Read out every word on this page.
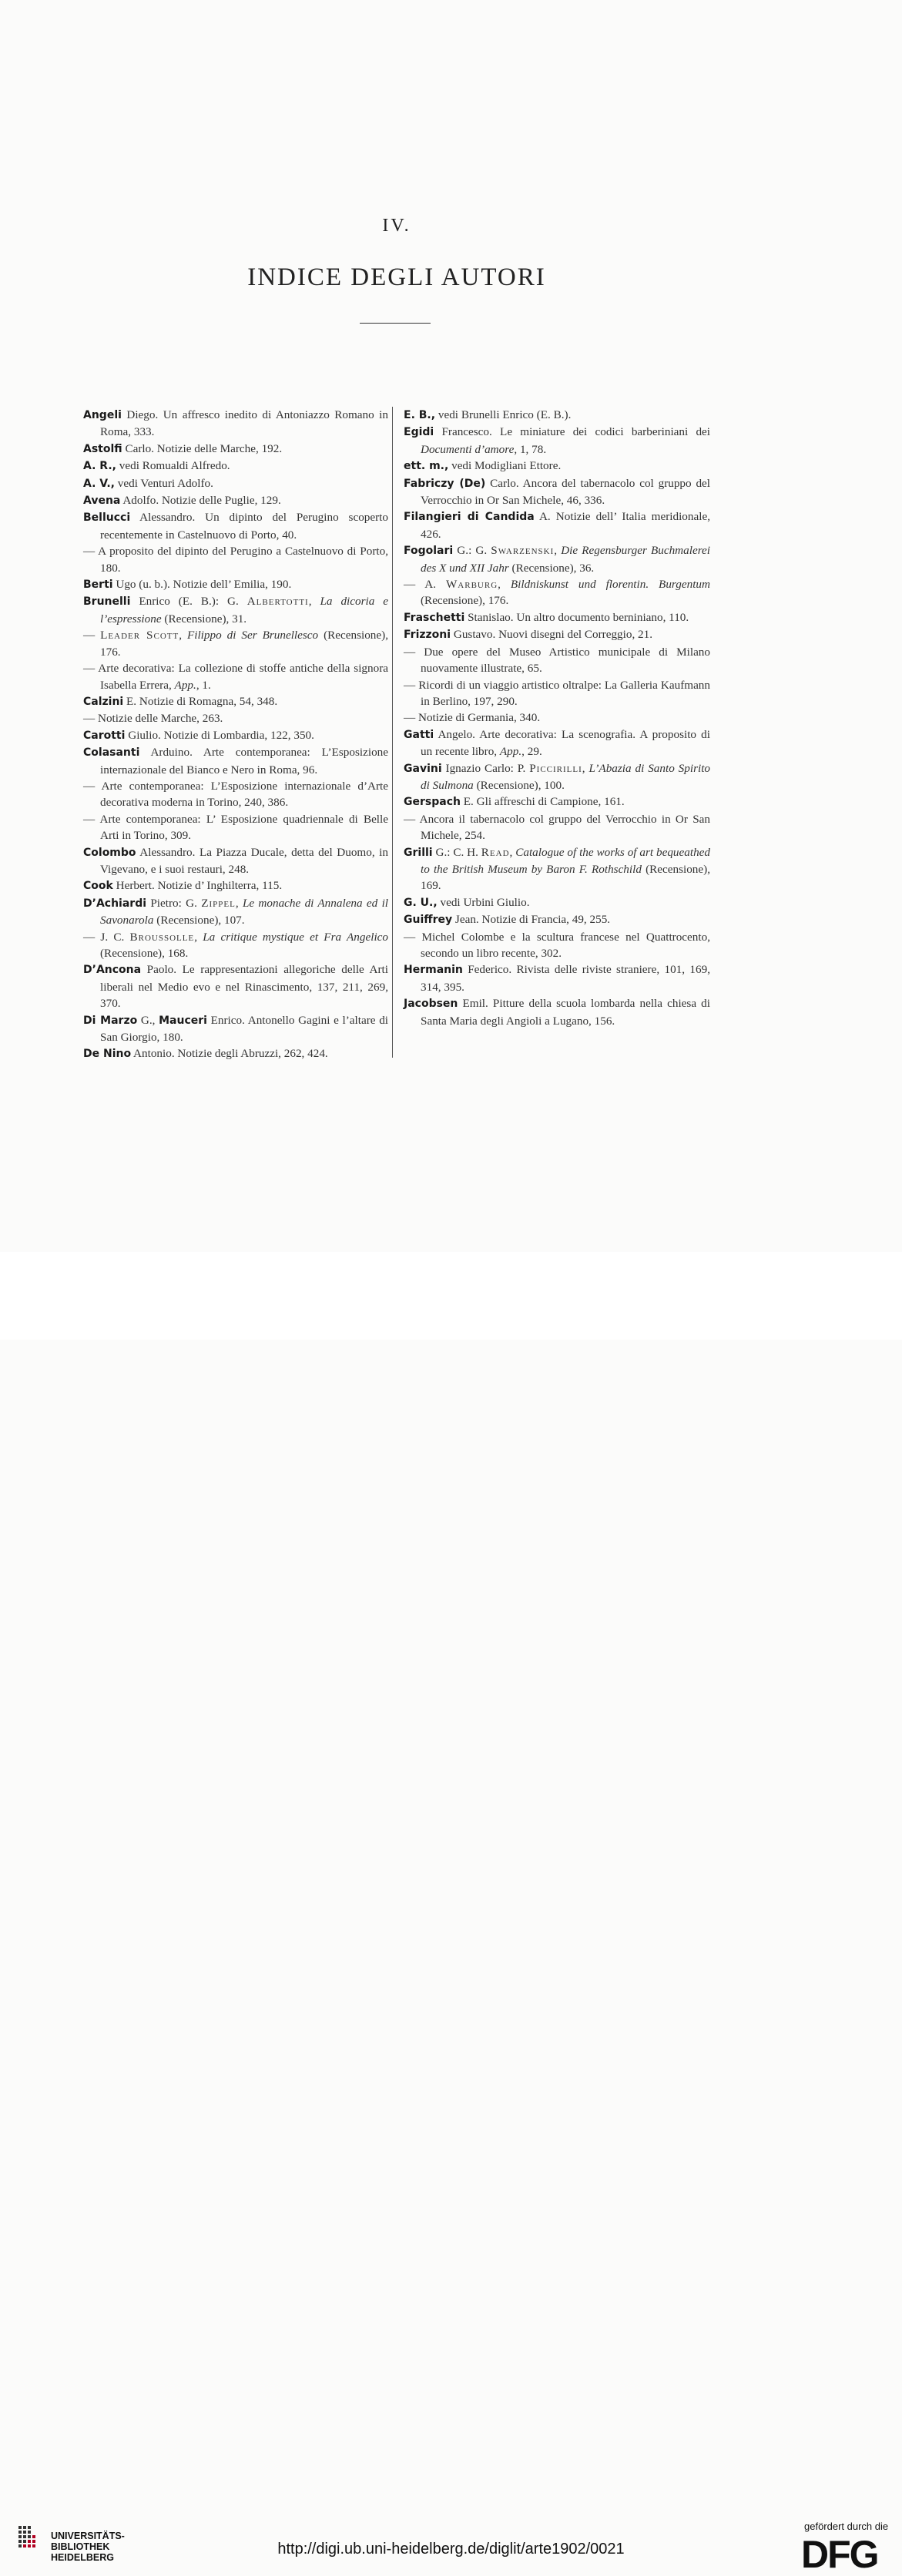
IV.
INDICE DEGLI AUTORI

Angeli Diego. Un affresco inedito di Antoniazzo Romano in Roma, 333.

Astolfi Carlo. Notizie delle Marche, 192.

A. R., vedi Romualdi Alfredo.

A. V., vedi Venturi Adolfo.

Avena Adolfo. Notizie delle Puglie, 129.

Bellucci Alessandro. Un dipinto del Perugino scoperto recentemente in Castelnuovo di Porto, 40.

— A proposito del dipinto del Perugino a Castelnuovo di Porto, 180.

Berti Ugo (u. b.). Notizie dell’ Emilia, 190.

Brunelli Enrico (E. B.): G. Albertotti, La dicoria e l’espressione (Recensione), 31.

— Leader Scott, Filippo di Ser Brunellesco (Recensione), 176.

— Arte decorativa: La collezione di stoffe antiche della signora Isabella Errera, App., 1.

Calzini E. Notizie di Romagna, 54, 348.

— Notizie delle Marche, 263.

Carotti Giulio. Notizie di Lombardia, 122, 350.

Colasanti Arduino. Arte contemporanea: L’Esposizione internazionale del Bianco e Nero in Roma, 96.

— Arte contemporanea: L’Esposizione internazionale d’Arte decorativa moderna in Torino, 240, 386.

— Arte contemporanea: L’ Esposizione quadriennale di Belle Arti in Torino, 309.

Colombo Alessandro. La Piazza Ducale, detta del Duomo, in Vigevano, e i suoi restauri, 248.

Cook Herbert. Notizie d’ Inghilterra, 115.

D’Achiardi Pietro: G. Zippel, Le monache di Annalena ed il Savonarola (Recensione), 107.

— J. C. Broussolle, La critique mystique et Fra Angelico (Recensione), 168.

D’Ancona Paolo. Le rappresentazioni allegoriche delle Arti liberali nel Medio evo e nel Rinascimento, 137, 211, 269, 370.

Di Marzo G., Mauceri Enrico. Antonello Gagini e l’altare di San Giorgio, 180.

De Nino Antonio. Notizie degli Abruzzi, 262, 424.

E. B., vedi Brunelli Enrico (E. B.).

Egidi Francesco. Le miniature dei codici barberiniani dei Documenti d’amore, 1, 78.

ett. m., vedi Modigliani Ettore.

Fabriczy (De) Carlo. Ancora del tabernacolo col gruppo del Verrocchio in Or San Michele, 46, 336.

Filangieri di Candida A. Notizie dell’ Italia meridionale, 426.

Fogolari G.: G. Swarzenski, Die Regensburger Buchmalerei des X und XII Jahr (Recensione), 36.

— A. Warburg, Bildniskunst und florentin. Burgentum (Recensione), 176.

Fraschetti Stanislao. Un altro documento berniniano, 110.

Frizzoni Gustavo. Nuovi disegni del Correggio, 21.

— Due opere del Museo Artistico municipale di Milano nuovamente illustrate, 65.

— Ricordi di un viaggio artistico oltralpe: La Galleria Kaufmann in Berlino, 197, 290.

— Notizie di Germania, 340.

Gatti Angelo. Arte decorativa: La scenografia. A proposito di un recente libro, App., 29.

Gavini Ignazio Carlo: P. Piccirilli, L’Abazia di Santo Spirito di Sulmona (Recensione), 100.

Gerspach E. Gli affreschi di Campione, 161.

— Ancora il tabernacolo col gruppo del Verrocchio in Or San Michele, 254.

Grilli G.: C. H. Read, Catalogue of the works of art bequeathed to the British Museum by Baron F. Rothschild (Recensione), 169.

G. U., vedi Urbini Giulio.

Guiffrey Jean. Notizie di Francia, 49, 255.

— Michel Colombe e la scultura francese nel Quattrocento, secondo un libro recente, 302.

Hermanin Federico. Rivista delle riviste straniere, 101, 169, 314, 395.

Jacobsen Emil. Pitture della scuola lombarda nella chiesa di Santa Maria degli Angioli a Lugano, 156.

UNIVERSITÄTS-
BIBLIOTHEK
HEIDELBERG	http://digi.ub.uni-heidelberg.de/diglit/arte1902/0021
gefördert durch die
DFG
